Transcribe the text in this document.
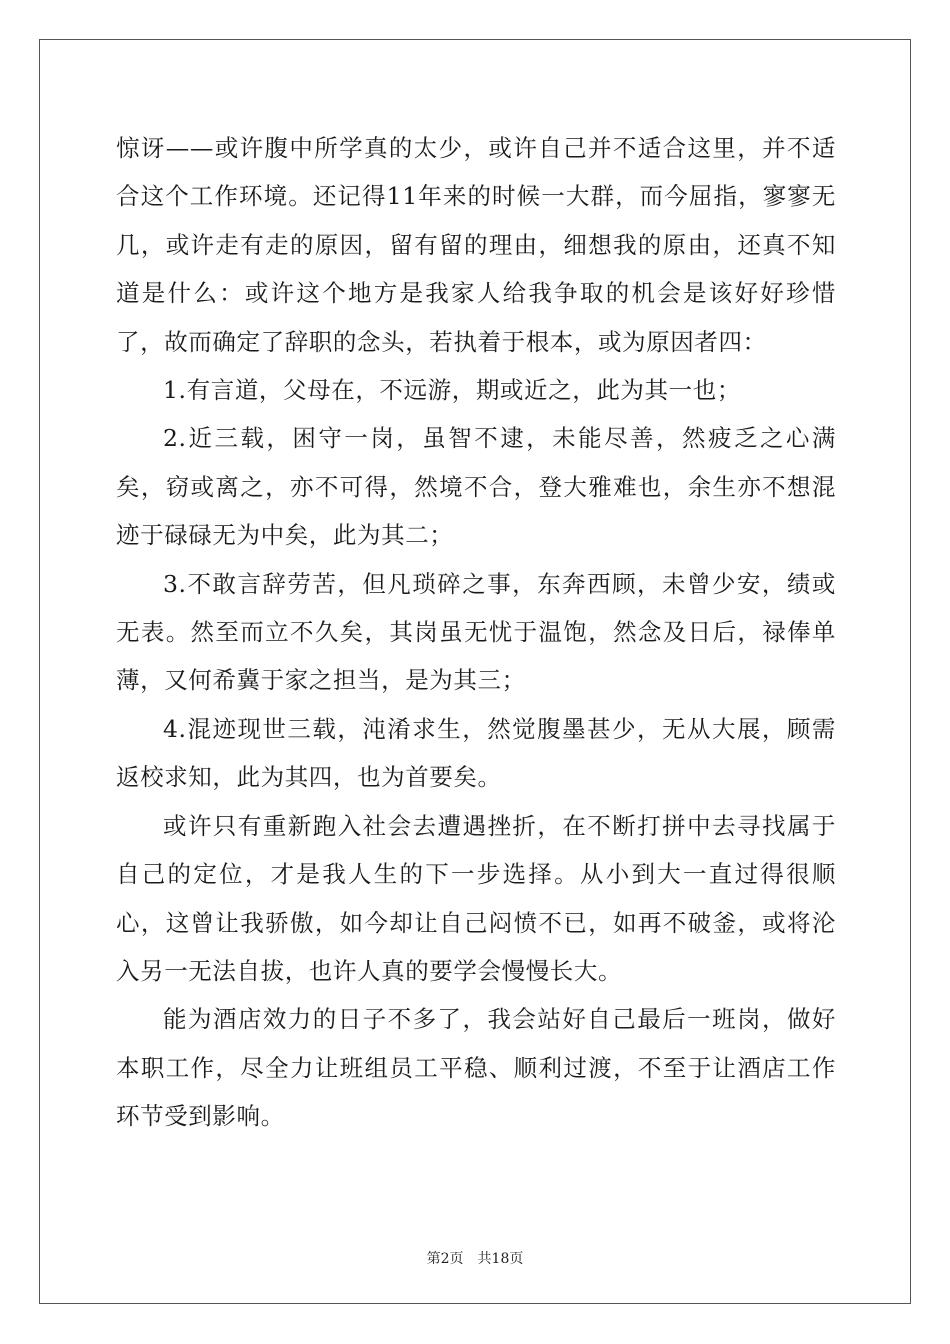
惊讶——或许腹中所学真的太少，或许自己并不适合这里，并不适合这个工作环境。还记得11年来的时候一大群，而今屈指，寥寥无几，或许走有走的原因，留有留的理由，细想我的原由，还真不知道是什么：或许这个地方是我家人给我争取的机会是该好好珍惜了，故而确定了辞职的念头，若执着于根本，或为原因者四：

1.有言道，父母在，不远游，期或近之，此为其一也；

2.近三载，困守一岗，虽智不逮，未能尽善，然疲乏之心满矣，窃或离之，亦不可得，然境不合，登大雅难也，余生亦不想混迹于碌碌无为中矣，此为其二；

3.不敢言辞劳苦，但凡琐碎之事，东奔西顾，未曾少安，绩或无表。然至而立不久矣，其岗虽无忧于温饱，然念及日后，禄俸单薄，又何希冀于家之担当，是为其三；

4.混迹现世三载，沌淆求生，然觉腹墨甚少，无从大展，顾需返校求知，此为其四，也为首要矣。

或许只有重新跑入社会去遭遇挫折，在不断打拼中去寻找属于自己的定位，才是我人生的下一步选择。从小到大一直过得很顺心，这曾让我骄傲，如今却让自己闷愤不已，如再不破釜，或将沦入另一无法自拔，也许人真的要学会慢慢长大。

能为酒店效力的日子不多了，我会站好自己最后一班岗，做好本职工作，尽全力让班组员工平稳、顺利过渡，不至于让酒店工作环节受到影响。

第2页 共18页
